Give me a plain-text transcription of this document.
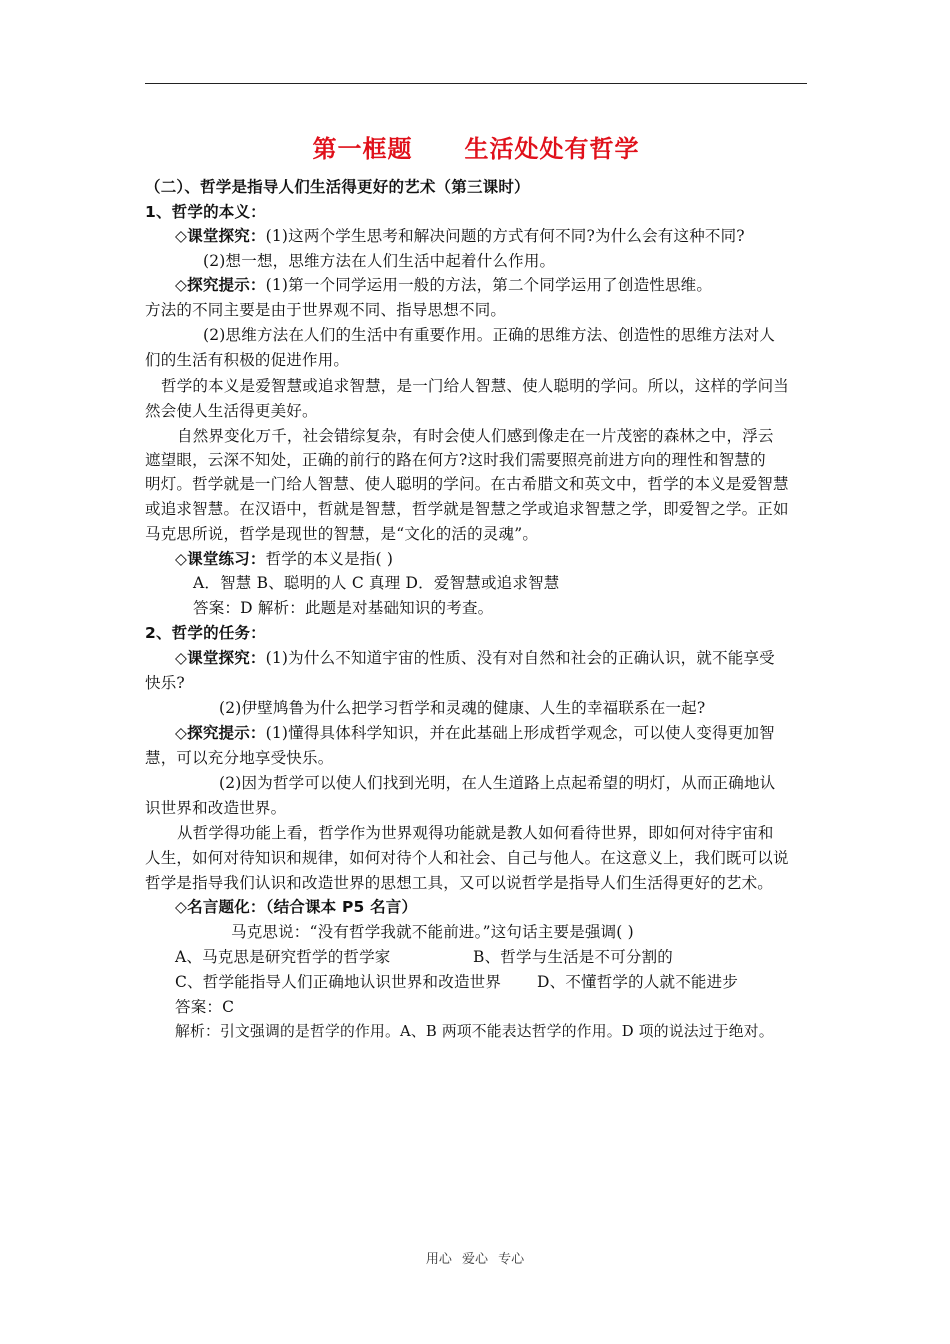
第一框题 生活处处有哲学
（二）、哲学是指导人们生活得更好的艺术（第三课时）
1、哲学的本义：
◇课堂探究：(1)这两个学生思考和解决问题的方式有何不同?为什么会有这种不同?
(2)想一想，思维方法在人们生活中起着什么作用。
◇探究提示：(1)第一个同学运用一般的方法，第二个同学运用了创造性思维。
方法的不同主要是由于世界观不同、指导思想不同。
(2)思维方法在人们的生活中有重要作用。正确的思维方法、创造性的思维方法对人
们的生活有积极的促进作用。
哲学的本义是爱智慧或追求智慧，是一门给人智慧、使人聪明的学问。所以，这样的学问当
然会使人生活得更美好。
自然界变化万千，社会错综复杂，有时会使人们感到像走在一片茂密的森林之中，浮云
遮望眼，云深不知处，正确的前行的路在何方?这时我们需要照亮前进方向的理性和智慧的
明灯。哲学就是一门给人智慧、使人聪明的学问。在古希腊文和英文中，哲学的本义是爱智慧
或追求智慧。在汉语中，哲就是智慧，哲学就是智慧之学或追求智慧之学，即爱智之学。正如
马克思所说，哲学是现世的智慧，是“文化的活的灵魂”。
◇课堂练习：哲学的本义是指( )
A．智慧 B、聪明的人 C 真理 D．爱智慧或追求智慧
答案：D 解析：此题是对基础知识的考查。
2、哲学的任务：
◇课堂探究：(1)为什么不知道宇宙的性质、没有对自然和社会的正确认识，就不能享受
快乐?
(2)伊壁鸠鲁为什么把学习哲学和灵魂的健康、人生的幸福联系在一起?
◇探究提示：(1)懂得具体科学知识，并在此基础上形成哲学观念，可以使人变得更加智
慧，可以充分地享受快乐。
(2)因为哲学可以使人们找到光明，在人生道路上点起希望的明灯，从而正确地认
识世界和改造世界。
从哲学得功能上看，哲学作为世界观得功能就是教人如何看待世界，即如何对待宇宙和
人生，如何对待知识和规律，如何对待个人和社会、自己与他人。在这意义上，我们既可以说
哲学是指导我们认识和改造世界的思想工具，又可以说哲学是指导人们生活得更好的艺术。
◇名言题化：（结合课本 P5 名言）
马克思说：“没有哲学我就不能前进。”这句话主要是强调( )
A、马克思是研究哲学的哲学家	B、哲学与生活是不可分割的
C、哲学能指导人们正确地认识世界和改造世界	D、不懂哲学的人就不能进步
答案：C
解析：引文强调的是哲学的作用。A、B 两项不能表达哲学的作用。D 项的说法过于绝对。
用心 爱心 专心
